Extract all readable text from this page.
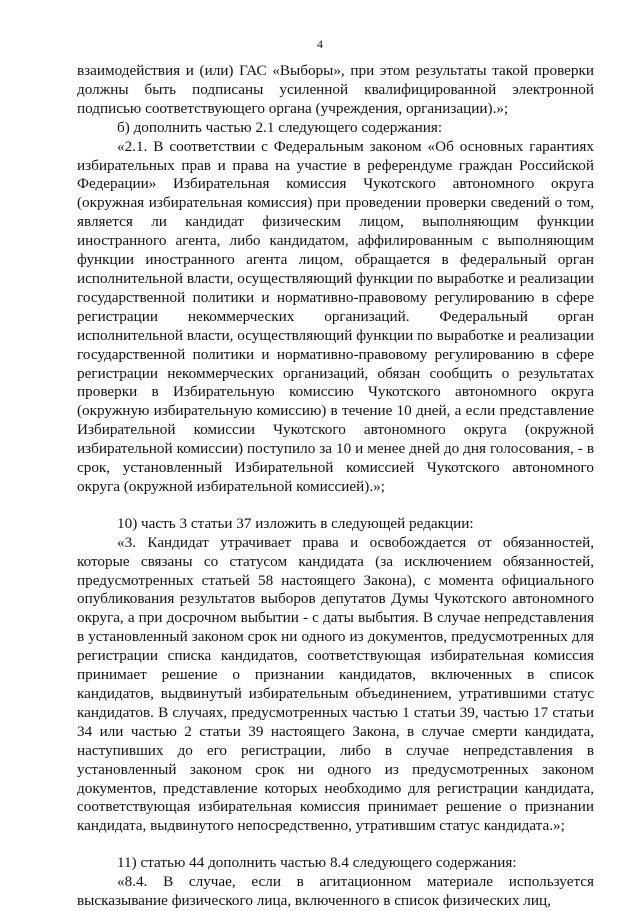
4

взаимодействия и (или) ГАС «Выборы», при этом результаты такой проверки должны быть подписаны усиленной квалифицированной электронной подписью соответствующего органа (учреждения, организации).»;

б) дополнить частью 2.1 следующего содержания:

«2.1. В соответствии с Федеральным законом «Об основных гарантиях избирательных прав и права на участие в референдуме граждан Российской Федерации» Избирательная комиссия Чукотского автономного округа (окружная избирательная комиссия) при проведении проверки сведений о том, является ли кандидат физическим лицом, выполняющим функции иностранного агента, либо кандидатом, аффилированным с выполняющим функции иностранного агента лицом, обращается в федеральный орган исполнительной власти, осуществляющий функции по выработке и реализации государственной политики и нормативно-правовому регулированию в сфере регистрации некоммерческих организаций. Федеральный орган исполнительной власти, осуществляющий функции по выработке и реализации государственной политики и нормативно-правовому регулированию в сфере регистрации некоммерческих организаций, обязан сообщить о результатах проверки в Избирательную комиссию Чукотского автономного округа (окружную избирательную комиссию) в течение 10 дней, а если представление Избирательной комиссии Чукотского автономного округа (окружной избирательной комиссии) поступило за 10 и менее дней до дня голосования, - в срок, установленный Избирательной комиссией Чукотского автономного округа (окружной избирательной комиссией).»;

10) часть 3 статьи 37 изложить в следующей редакции:

«3. Кандидат утрачивает права и освобождается от обязанностей, которые связаны со статусом кандидата (за исключением обязанностей, предусмотренных статьей 58 настоящего Закона), с момента официального опубликования результатов выборов депутатов Думы Чукотского автономного округа, а при досрочном выбытии - с даты выбытия. В случае непредставления в установленный законом срок ни одного из документов, предусмотренных для регистрации списка кандидатов, соответствующая избирательная комиссия принимает решение о признании кандидатов, включенных в список кандидатов, выдвинутый избирательным объединением, утратившими статус кандидатов. В случаях, предусмотренных частью 1 статьи 39, частью 17 статьи 34 или частью 2 статьи 39 настоящего Закона, в случае смерти кандидата, наступивших до его регистрации, либо в случае непредставления в установленный законом срок ни одного из предусмотренных законом документов, представление которых необходимо для регистрации кандидата, соответствующая избирательная комиссия принимает решение о признании кандидата, выдвинутого непосредственно, утратившим статус кандидата.»;

11) статью 44 дополнить частью 8.4 следующего содержания:

«8.4. В случае, если в агитационном материале используется высказывание физического лица, включенного в список физических лиц,
